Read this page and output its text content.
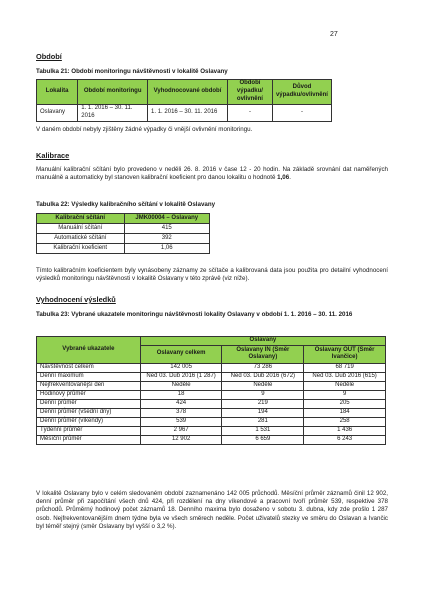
27
Období
Tabulka 21: Období monitoringu návštěvnosti v lokalitě Oslavany
Lokalita	Období monitoringu	Vyhodnocované období	Období výpadku/ ovlivnění	Důvod výpadku/ovlivnění
Oslavany	1. 1. 2016 – 30. 11. 2016	1. 1. 2016 – 30. 11. 2016	-	-

V daném období nebyly zjištěny žádné výpadky či vnější ovlivnění monitoringu.

Kalibrace

Manuální kalibrační sčítání bylo provedeno v neděli 26. 8. 2016 v čase 12 - 20 hodin. Na základě srovnání dat naměřených manuálně a automaticky byl stanoven kalibrační koeficient pro danou lokalitu o hodnotě 1,06.

Tabulka 22: Výsledky kalibračního sčítání v lokalitě Oslavany
Kalibrační sčítání	JMK00004 – Oslavany
Manuální sčítání	415
Automatické sčítání	392
Kalibrační koeficient	1,06

Tímto kalibračním koeficientem byly vynásobeny záznamy ze sčítače a kalibrovaná data jsou použita pro detailní vyhodnocení výsledků monitoringu návštěvnosti v lokalitě Oslavany v této zprávě (viz níže).

Vyhodnocení výsledků
Tabulka 23: Vybrané ukazatele monitoringu návštěvnosti lokality Oslavany v období 1. 1. 2016 – 30. 11. 2016
Vybrané ukazatele	Oslavany		
	Oslavany celkem	Oslavany IN (Směr Oslavany)	Oslavany OUT (Směr Ivančice)
Návštěvnost celkem	142 005	73 286	68 719
Denní maximum	Ned 03. Dub 2016 (1 287)	Ned 03. Dub 2016 (672)	Ned 03. Dub 2016 (615)
Nejfrekventovanější den	Neděle	Neděle	Neděle
Hodinový průměr	18	9	9
Denní průměr	424	219	205
Denní průměr (všední dny)	378	194	184
Denní průměr (víkendy)	539	281	258
Týdenní průměr	2 967	1 531	1 436
Měsíční průměr	12 902	6 659	6 243

V lokalitě Oslavany bylo v celém sledovaném období zaznamenáno 142 005 průchodů. Měsíční průměr záznamů činil 12 902, denní průměr při započítání všech dnů 424, při rozdělení na dny víkendové a pracovní tvoří průměr 539, respektive 378 průchodů. Průměrný hodinový počet záznamů 18. Denního maxima bylo dosaženo v sobotu 3. dubna, kdy zde prošlo 1 287 osob. Nejfrekventovanějším dnem týdne byla ve všech směrech neděle. Počet uživatelů stezky ve směru do Oslavan a Ivančic byl téměř stejný (směr Oslavany byl vyšší o 3,2 %).
